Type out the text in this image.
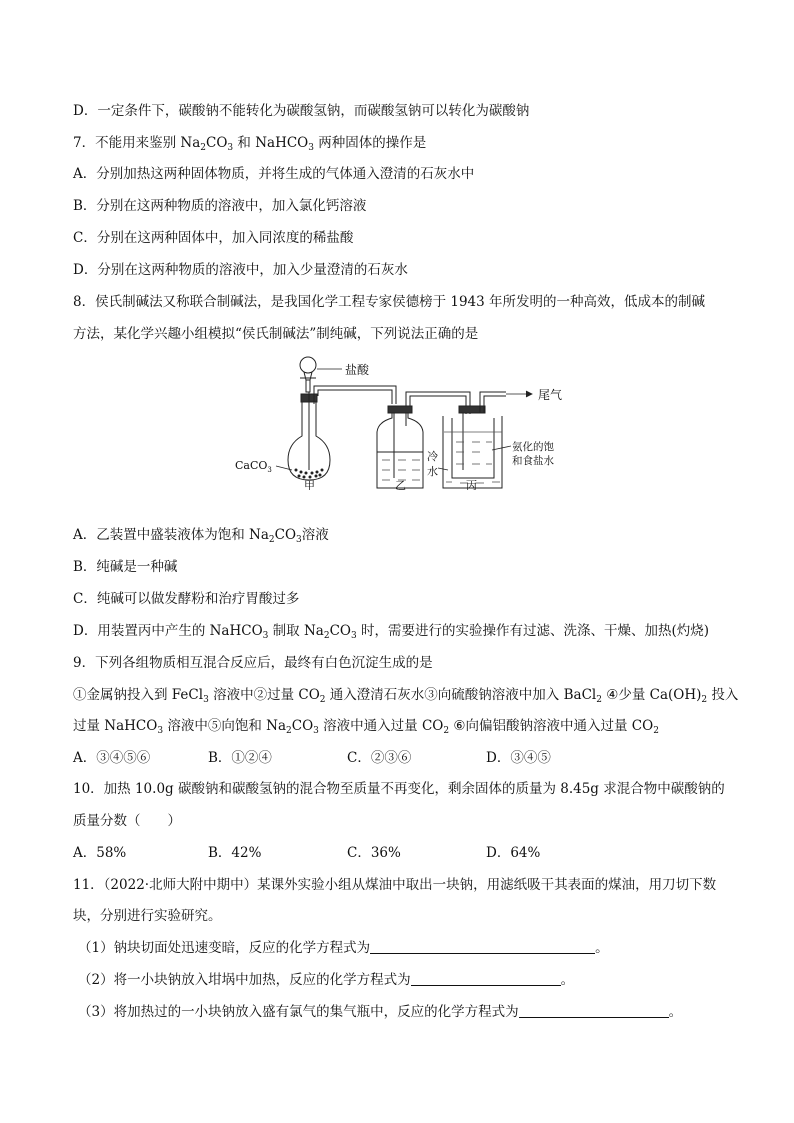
D．一定条件下，碳酸钠不能转化为碳酸氢钠，而碳酸氢钠可以转化为碳酸钠
7．不能用来鉴别 $Na_2CO_3$ 和 NaHCO$_3$ 两种固体的操作是
A．分别加热这两种固体物质，并将生成的气体通入澄清的石灰水中
B．分别在这两种物质的溶液中，加入氯化钙溶液
C．分别在这两种固体中，加入同浓度的稀盐酸
D．分别在这两种物质的溶液中，加入少量澄清的石灰水
8．侯氏制碱法又称联合制碱法，是我国化学工程专家侯德榜于 1943 年所发明的一种高效，低成本的制碱
方法，某化学兴趣小组模拟“侯氏制碱法”制纯碱，下列说法正确的是
盐酸
CaCO$_3$
尾气
氨化的饱
和食盐水
冷
水
甲	乙	丙
A．乙装置中盛装液体为饱和 $Na_2CO_3$溶液
B．纯碱是一种碱
C．纯碱可以做发酵粉和治疗胃酸过多
D．用装置丙中产生的 NaHCO$_3$ 制取 $Na_2CO_3$ 时，需要进行的实验操作有过滤、洗涤、干燥、加热(灼烧)
9．下列各组物质相互混合反应后，最终有白色沉淀生成的是
①金属钠投入到 FeCl$_3$ 溶液中②过量 $CO_2$ 通入澄清石灰水③向硫酸钠溶液中加入 BaCl$_2$ ④少量 $Ca(OH)_2$ 投入
过量 NaHCO$_3$ 溶液中⑤向饱和 $Na_2CO_3$ 溶液中通入过量 $CO_2$ ⑥向偏铝酸钠溶液中通入过量 $CO_2$
A．③④⑤⑥	B．①②④	C．②③⑥	D．③④⑤
10．加热 10.0g 碳酸钠和碳酸氢钠的混合物至质量不再变化，剩余固体的质量为 8.45g 求混合物中碳酸钠的
质量分数（　　）
A．58%	B．42%	C．36%	D．64%
11．（2022·北师大附中期中）某课外实验小组从煤油中取出一块钠，用滤纸吸干其表面的煤油，用刀切下数
块，分别进行实验研究。
（1）钠块切面处迅速变暗，反应的化学方程式为	。
（2）将一小块钠放入坩埚中加热，反应的化学方程式为	。
（3）将加热过的一小块钠放入盛有氯气的集气瓶中，反应的化学方程式为	。
